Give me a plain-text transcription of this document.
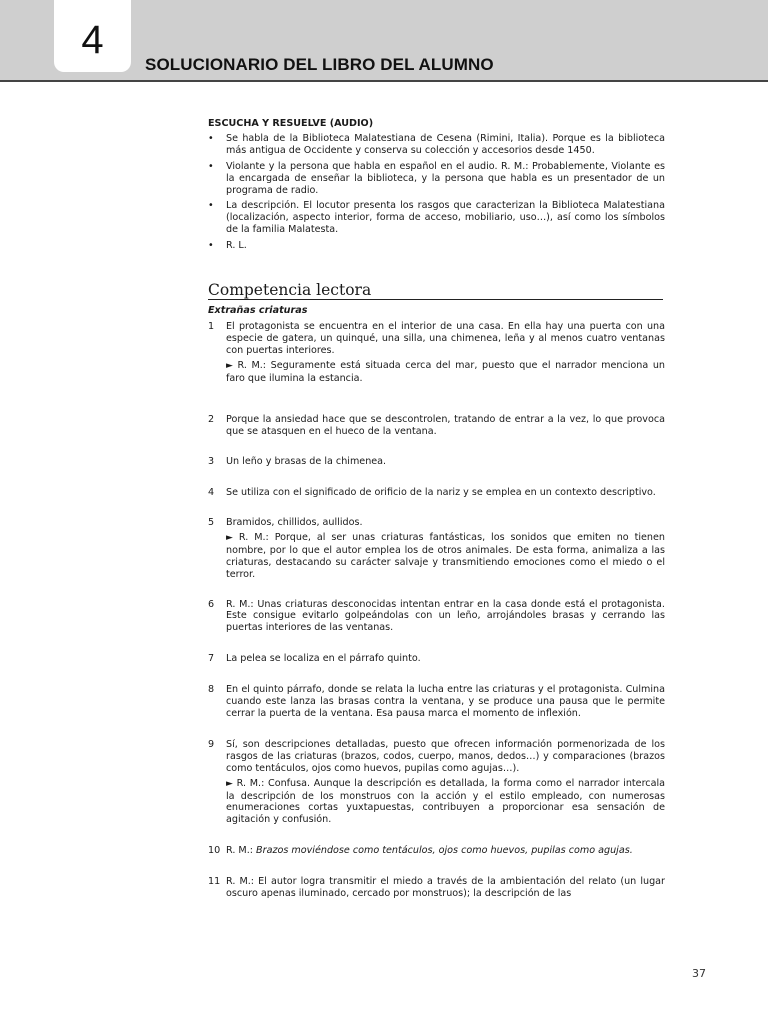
4
SOLUCIONARIO DEL LIBRO DEL ALUMNO
ESCUCHA Y RESUELVE (AUDIO)
• Se habla de la Biblioteca Malatestiana de Cesena (Rimini, Italia). Porque es la biblioteca más antigua de Occidente y conserva su colección y accesorios desde 1450.
• Violante y la persona que habla en español en el audio. R. M.: Probablemente, Violante es la encargada de enseñar la biblioteca, y la persona que habla es un presentador de un programa de radio.
• La descripción. El locutor presenta los rasgos que caracterizan la Biblioteca Malatestiana (localización, aspecto interior, forma de acceso, mobiliario, uso…), así como los símbolos de la familia Malatesta.
• R. L.
Competencia lectora
Extrañas criaturas
1 El protagonista se encuentra en el interior de una casa. En ella hay una puerta con una especie de gatera, un quinqué, una silla, una chimenea, leña y al menos cuatro ventanas con puertas interiores.
► R. M.: Seguramente está situada cerca del mar, puesto que el narrador menciona un faro que ilumina la estancia.
2 Porque la ansiedad hace que se descontrolen, tratando de entrar a la vez, lo que provoca que se atasquen en el hueco de la ventana.
3 Un leño y brasas de la chimenea.
4 Se utiliza con el significado de orificio de la nariz y se emplea en un contexto descriptivo.
5 Bramidos, chillidos, aullidos.
► R. M.: Porque, al ser unas criaturas fantásticas, los sonidos que emiten no tienen nombre, por lo que el autor emplea los de otros animales. De esta forma, animaliza a las criaturas, destacando su carácter salvaje y transmitiendo emociones como el miedo o el terror.
6 R. M.: Unas criaturas desconocidas intentan entrar en la casa donde está el protagonista. Este consigue evitarlo golpeándolas con un leño, arrojándoles brasas y cerrando las puertas interiores de las ventanas.
7 La pelea se localiza en el párrafo quinto.
8 En el quinto párrafo, donde se relata la lucha entre las criaturas y el protagonista. Culmina cuando este lanza las brasas contra la ventana, y se produce una pausa que le permite cerrar la puerta de la ventana. Esa pausa marca el momento de inflexión.
9 Sí, son descripciones detalladas, puesto que ofrecen información pormenorizada de los rasgos de las criaturas (brazos, codos, cuerpo, manos, dedos…) y comparaciones (brazos como tentáculos, ojos como huevos, pupilas como agujas…).
► R. M.: Confusa. Aunque la descripción es detallada, la forma como el narrador intercala la descripción de los monstruos con la acción y el estilo empleado, con numerosas enumeraciones cortas yuxtapuestas, contribuyen a proporcionar esa sensación de agitación y confusión.
10 R. M.: Brazos moviéndose como tentáculos, ojos como huevos, pupilas como agujas.
11 R. M.: El autor logra transmitir el miedo a través de la ambientación del relato (un lugar oscuro apenas iluminado, cercado por monstruos); la descripción de las
37
